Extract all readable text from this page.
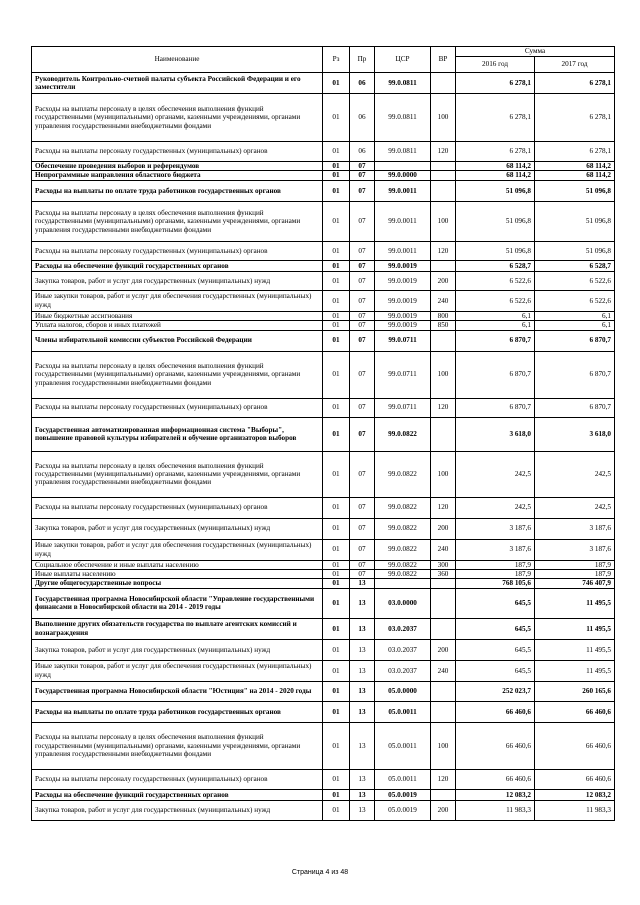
Наименование	Рз	Пр	ЦСР	ВР	Сумма	
					2016 год	2017 год
Руководитель Контрольно-счетной палаты субъекта Российской Федерации и его заместители	01	06	99.0.0811		6 278,1	6 278,1
Расходы на выплаты персоналу в целях обеспечения выполнения функций государственными (муниципальными) органами, казенными учреждениями, органами управления государственными внебюджетными фондами	01	06	99.0.0811	100	6 278,1	6 278,1
Расходы на выплаты персоналу государственных (муниципальных) органов	01	06	99.0.0811	120	6 278,1	6 278,1
Обеспечение проведения выборов и референдумов	01	07			68 114,2	68 114,2
Непрограммные направления областного бюджета	01	07	99.0.0000		68 114,2	68 114,2
Расходы на выплаты по оплате труда работников государственных органов	01	07	99.0.0011		51 096,8	51 096,8
Расходы на выплаты персоналу в целях обеспечения выполнения функций государственными (муниципальными) органами, казенными учреждениями, органами управления государственными внебюджетными фондами	01	07	99.0.0011	100	51 096,8	51 096,8
Расходы на выплаты персоналу государственных (муниципальных) органов	01	07	99.0.0011	120	51 096,8	51 096,8
Расходы на обеспечение функций государственных органов	01	07	99.0.0019		6 528,7	6 528,7
Закупка товаров, работ и услуг для государственных (муниципальных) нужд	01	07	99.0.0019	200	6 522,6	6 522,6
Иные закупки товаров, работ и услуг для обеспечения государственных (муниципальных) нужд	01	07	99.0.0019	240	6 522,6	6 522,6
Иные бюджетные ассигнования	01	07	99.0.0019	800	6,1	6,1
Уплата налогов, сборов и иных платежей	01	07	99.0.0019	850	6,1	6,1
Члены избирательной комиссии субъектов Российской Федерации	01	07	99.0.0711		6 870,7	6 870,7
Расходы на выплаты персоналу в целях обеспечения выполнения функций государственными (муниципальными) органами, казенными учреждениями, органами управления государственными внебюджетными фондами	01	07	99.0.0711	100	6 870,7	6 870,7
Расходы на выплаты персоналу государственных (муниципальных) органов	01	07	99.0.0711	120	6 870,7	6 870,7
Государственная автоматизированная информационная система "Выборы", повышение правовой культуры избирателей и обучение организаторов выборов	01	07	99.0.0822		3 618,0	3 618,0
Расходы на выплаты персоналу в целях обеспечения выполнения функций государственными (муниципальными) органами, казенными учреждениями, органами управления государственными внебюджетными фондами	01	07	99.0.0822	100	242,5	242,5
Расходы на выплаты персоналу государственных (муниципальных) органов	01	07	99.0.0822	120	242,5	242,5
Закупка товаров, работ и услуг для государственных (муниципальных) нужд	01	07	99.0.0822	200	3 187,6	3 187,6
Иные закупки товаров, работ и услуг для обеспечения государственных (муниципальных) нужд	01	07	99.0.0822	240	3 187,6	3 187,6
Социальное обеспечение и иные выплаты населению	01	07	99.0.0822	300	187,9	187,9
Иные выплаты населению	01	07	99.0.0822	360	187,9	187,9
Другие общегосударственные вопросы	01	13			768 105,6	746 407,9
Государственная программа Новосибирской области "Управление государственными финансами в Новосибирской области на 2014 - 2019 годы	01	13	03.0.0000		645,5	11 495,5
Выполнение других обязательств государства по выплате агентских комиссий и вознаграждения	01	13	03.0.2037		645,5	11 495,5
Закупка товаров, работ и услуг для государственных (муниципальных) нужд	01	13	03.0.2037	200	645,5	11 495,5
Иные закупки товаров, работ и услуг для обеспечения государственных (муниципальных) нужд	01	13	03.0.2037	240	645,5	11 495,5
Государственная программа Новосибирской области "Юстиция" на 2014 - 2020 годы	01	13	05.0.0000		252 023,7	260 165,6
Расходы на выплаты по оплате труда работников государственных органов	01	13	05.0.0011		66 460,6	66 460,6
Расходы на выплаты персоналу в целях обеспечения выполнения функций государственными (муниципальными) органами, казенными учреждениями, органами управления государственными внебюджетными фондами	01	13	05.0.0011	100	66 460,6	66 460,6
Расходы на выплаты персоналу государственных (муниципальных) органов	01	13	05.0.0011	120	66 460,6	66 460,6
Расходы на обеспечение функций государственных органов	01	13	05.0.0019		12 083,2	12 083,2
Закупка товаров, работ и услуг для государственных (муниципальных) нужд	01	13	05.0.0019	200	11 983,3	11 983,3
Страница 4 из 48
